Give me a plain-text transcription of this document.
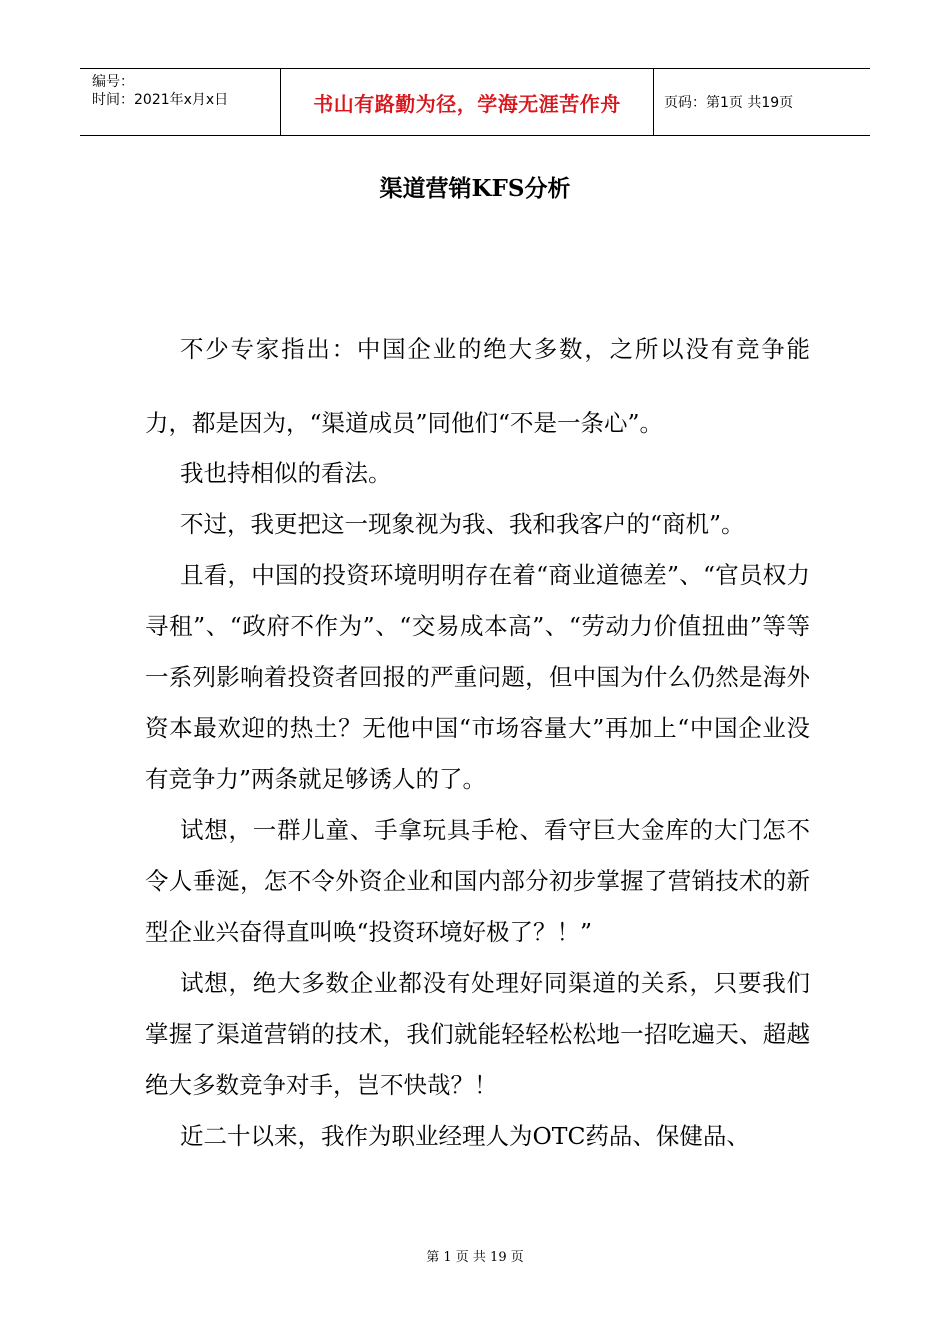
编号：
时间：2021年x月x日	书山有路勤为径，学海无涯苦作舟	页码：第1页 共19页
渠道营销KFS分析

不少专家指出：中国企业的绝大多数，之所以没有竞争能力，都是因为，“渠道成员”同他们“不是一条心”。

我也持相似的看法。

不过，我更把这一现象视为我、我和我客户的“商机”。

且看，中国的投资环境明明存在着“商业道德差”、“官员权力寻租”、“政府不作为”、“交易成本高”、“劳动力价值扭曲”等等一系列影响着投资者回报的严重问题，但中国为什么仍然是海外资本最欢迎的热土？无他中国“市场容量大”再加上“中国企业没有竞争力”两条就足够诱人的了。

试想，一群儿童、手拿玩具手枪、看守巨大金库的大门怎不令人垂涎，怎不令外资企业和国内部分初步掌握了营销技术的新型企业兴奋得直叫唤“投资环境好极了？！”

试想，绝大多数企业都没有处理好同渠道的关系，只要我们掌握了渠道营销的技术，我们就能轻轻松松地一招吃遍天、超越绝大多数竞争对手，岂不快哉？！

近二十以来，我作为职业经理人为OTC药品、保健品、

第 1 页 共 19 页
